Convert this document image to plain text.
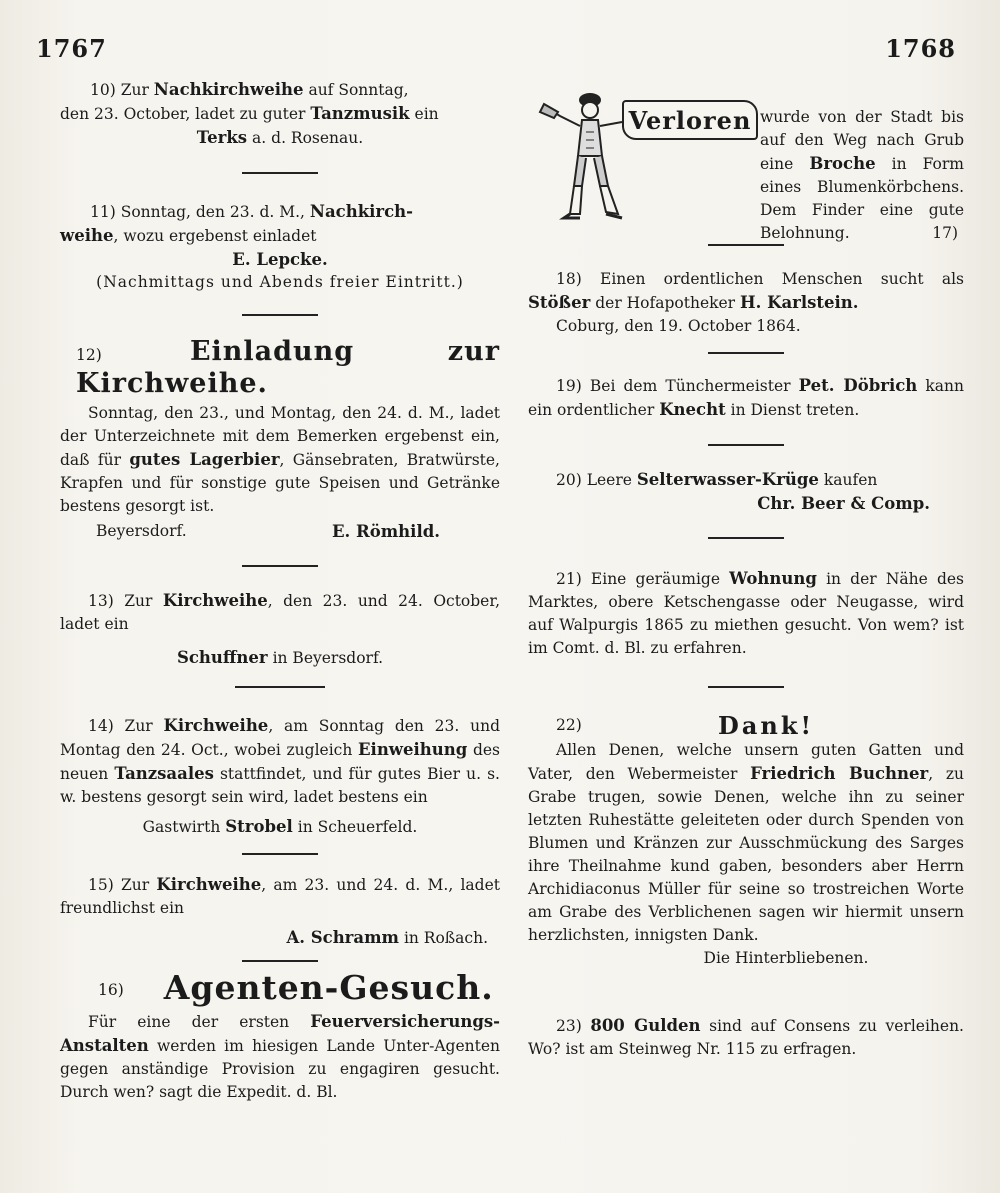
1767	1768
10) Zur Nachkirchweihe auf Sonntag,
den 23. October, ladet zu guter Tanzmusik ein
Terks a. d. Rosenau.
11) Sonntag, den 23. d. M., Nachkirch-
weihe, wozu ergebenst einladet
E. Lepcke.
(Nachmittags und Abends freier Eintritt.)
12)	Einladung zur Kirchweihe.
Sonntag, den 23., und Montag, den 24. d. M., ladet der Unterzeichnete mit dem Bemerken ergebenst ein, daß für gutes Lagerbier, Gänsebraten, Bratwürste, Krapfen und für sonstige gute Speisen und Getränke bestens gesorgt ist.
Beyersdorf.	E. Römhild.
13) Zur Kirchweihe, den 23. und 24. October, ladet ein
Schuffner in Beyersdorf.
14) Zur Kirchweihe, am Sonntag den 23. und Montag den 24. Oct., wobei zugleich Einweihung des neuen Tanzsaales stattfindet, und für gutes Bier u. s. w. bestens gesorgt sein wird, ladet bestens ein
Gastwirth Strobel in Scheuerfeld.
15) Zur Kirchweihe, am 23. und 24. d. M., ladet freundlichst ein
A. Schramm in Roßach.
16) Agenten-Gesuch.
Für eine der ersten Feuerversicherungs-Anstalten werden im hiesigen Lande Unter-Agenten gegen anständige Provision zu engagiren gesucht. Durch wen? sagt die Expedit. d. Bl.
Verloren wurde von der Stadt bis auf den Weg nach Grub eine Broche in Form eines Blumenkörbchens. Dem Finder eine gute Belohnung.	17)
18) Einen ordentlichen Menschen sucht als Stößer der Hofapotheker H. Karlstein.
Coburg, den 19. October 1864.
19) Bei dem Tünchermeister Pet. Döbrich kann ein ordentlicher Knecht in Dienst treten.
20) Leere Selterwasser-Krüge kaufen
Chr. Beer & Comp.
21) Eine geräumige Wohnung in der Nähe des Marktes, obere Ketschengasse oder Neugasse, wird auf Walpurgis 1865 zu miethen gesucht. Von wem? ist im Comt. d. Bl. zu erfahren.
22)	Dank!
Allen Denen, welche unsern guten Gatten und Vater, den Webermeister Friedrich Buchner, zu Grabe trugen, sowie Denen, welche ihn zu seiner letzten Ruhestätte geleiteten oder durch Spenden von Blumen und Kränzen zur Ausschmückung des Sarges ihre Theilnahme kund gaben, besonders aber Herrn Archidiaconus Müller für seine so trostreichen Worte am Grabe des Verblichenen sagen wir hiermit unsern herzlichsten, innigsten Dank.
Die Hinterbliebenen.
23) 800 Gulden sind auf Consens zu verleihen. Wo? ist am Steinweg Nr. 115 zu erfragen.
